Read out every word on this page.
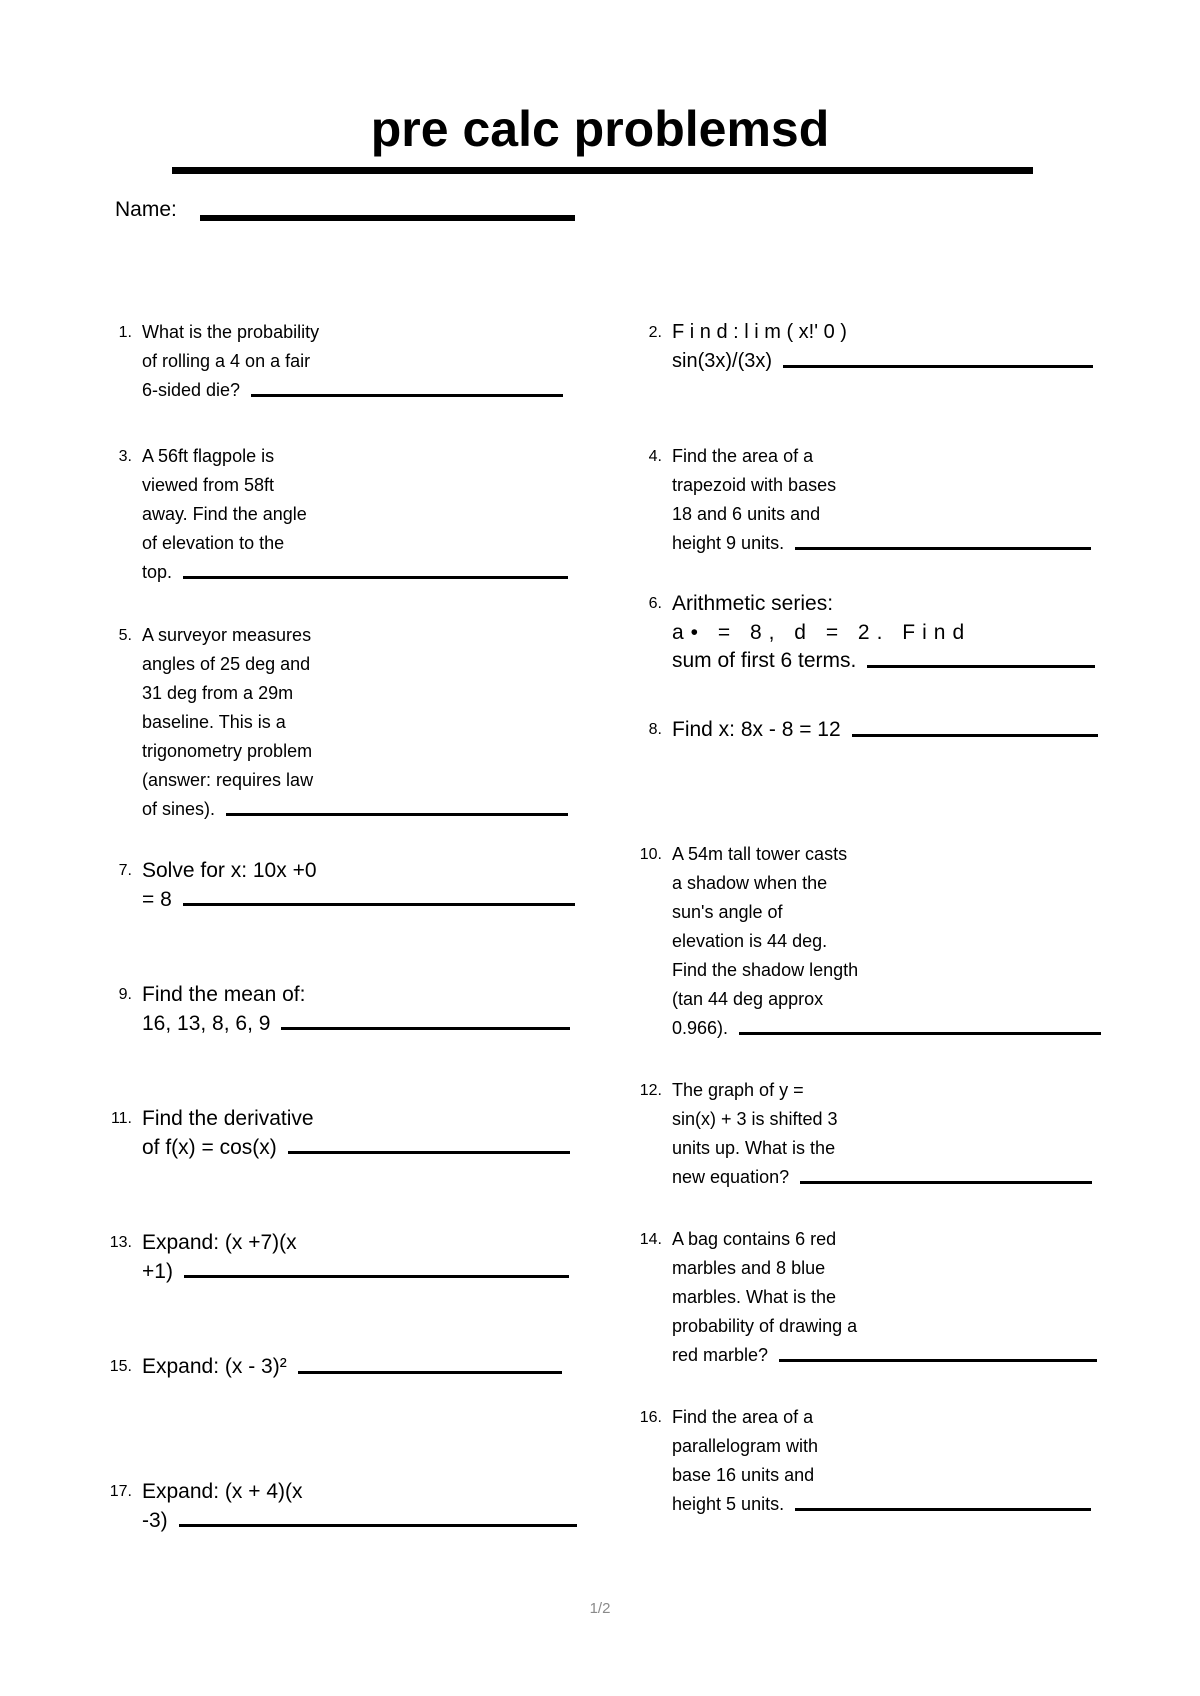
pre calc problemsd
Name:
1. What is the probability
of rolling a 4 on a fair
6-sided die?
2. F i n d : l i m ( x!' 0 )
sin(3x)/(3x)
3. A 56ft flagpole is
viewed from 58ft
away. Find the angle
of elevation to the
top.
4. Find the area of a
trapezoid with bases
18 and 6 units and
height 9 units.
5. A surveyor measures
angles of 25 deg and
31 deg from a 29m
baseline. This is a
trigonometry problem
(answer: requires law
of sines).
6. Arithmetic series:
a• = 8, d = 2. Find
sum of first 6 terms.
7. Solve for x: 10x +0
= 8
8. Find x: 8x - 8 = 12
9. Find the mean of:
16, 13, 8, 6, 9
10. A 54m tall tower casts
a shadow when the
sun's angle of
elevation is 44 deg.
Find the shadow length
(tan 44 deg approx
0.966).
11. Find the derivative
of f(x) = cos(x)
12. The graph of y =
sin(x) + 3 is shifted 3
units up. What is the
new equation?
13. Expand: (x +7)(x
+1)
14. A bag contains 6 red
marbles and 8 blue
marbles. What is the
probability of drawing a
red marble?
15. Expand: (x - 3)²
16. Find the area of a
parallelogram with
base 16 units and
height 5 units.
17. Expand: (x + 4)(x
-3)
1/2
